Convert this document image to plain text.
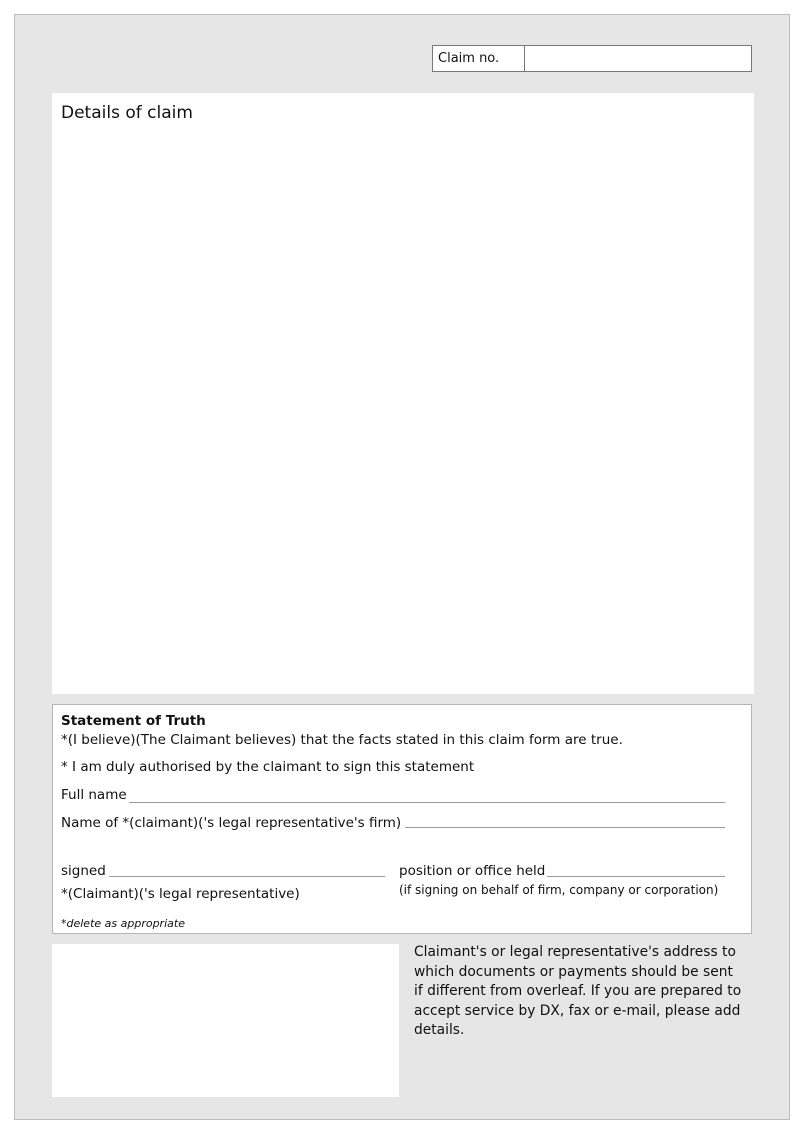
Claim no.
Details of claim
Statement of Truth
*(I believe)(The Claimant believes) that the facts stated in this claim form are true.
* I am duly authorised by the claimant to sign this statement
Full name
Name of *(claimant)('s legal representative's firm)
signed
*(Claimant)('s legal representative)
position or office held
(if signing on behalf of firm, company or corporation)
*delete as appropriate
Claimant's or legal representative's address to which documents or payments should be sent if different from overleaf. If you are prepared to accept service by DX, fax or e-mail, please add details.
